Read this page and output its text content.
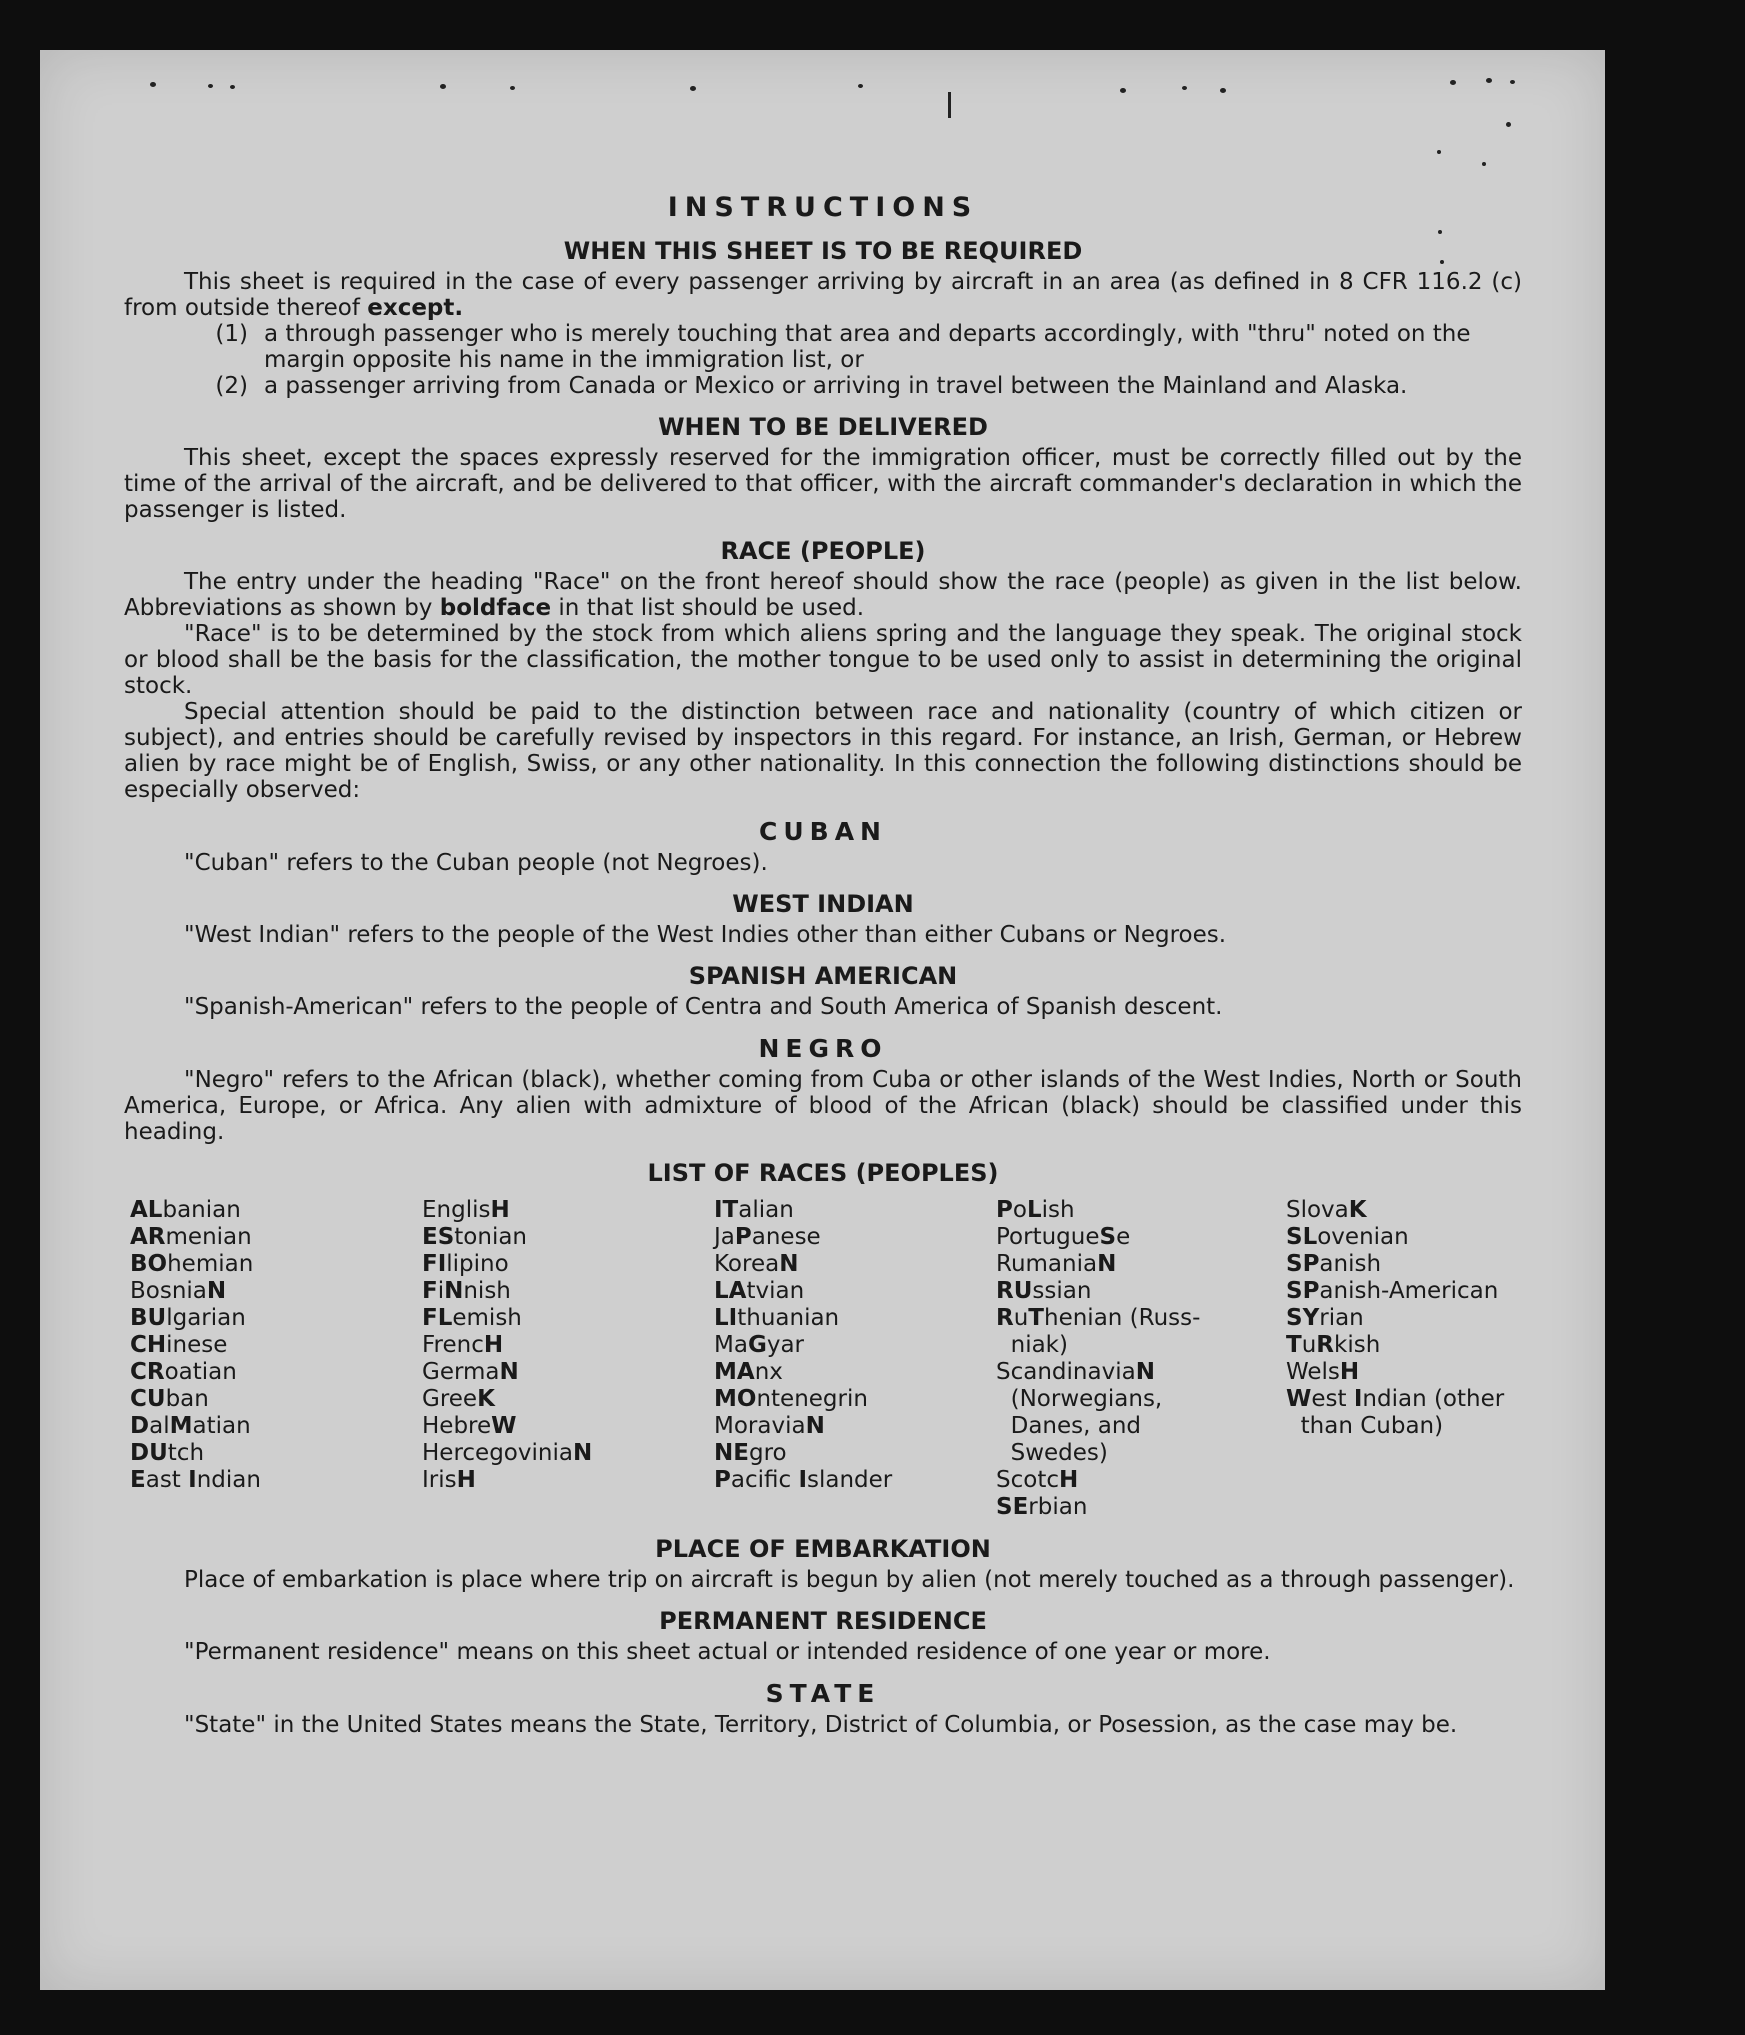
INSTRUCTIONS
WHEN THIS SHEET IS TO BE REQUIRED

This sheet is required in the case of every passenger arriving by aircraft in an area (as defined in 8 CFR 116.2 (c) from outside thereof except.

(1) a through passenger who is merely touching that area and departs accordingly, with "thru" noted on the margin opposite his name in the immigration list, or
(2) a passenger arriving from Canada or Mexico or arriving in travel between the Mainland and Alaska.
WHEN TO BE DELIVERED

This sheet, except the spaces expressly reserved for the immigration officer, must be correctly filled out by the time of the arrival of the aircraft, and be delivered to that officer, with the aircraft commander's declaration in which the passenger is listed.

RACE (PEOPLE)

The entry under the heading "Race" on the front hereof should show the race (people) as given in the list below. Abbreviations as shown by boldface in that list should be used.

"Race" is to be determined by the stock from which aliens spring and the language they speak. The original stock or blood shall be the basis for the classification, the mother tongue to be used only to assist in determining the original stock.

Special attention should be paid to the distinction between race and nationality (country of which citizen or subject), and entries should be carefully revised by inspectors in this regard. For instance, an Irish, German, or Hebrew alien by race might be of English, Swiss, or any other nationality. In this connection the following distinctions should be especially observed:

CUBAN

"Cuban" refers to the Cuban people (not Negroes).

WEST INDIAN

"West Indian" refers to the people of the West Indies other than either Cubans or Negroes.

SPANISH AMERICAN

"Spanish-American" refers to the people of Centra and South America of Spanish descent.

NEGRO

"Negro" refers to the African (black), whether coming from Cuba or other islands of the West Indies, North or South America, Europe, or Africa. Any alien with admixture of blood of the African (black) should be classified under this heading.

LIST OF RACES (PEOPLES)
ALbanian
ARmenian
BOhemian
BosniaN
BUlgarian
CHinese
CRoatian
CUban
DalMatian
DUtch
East Indian
EnglisH
EStonian
FIlipino
FiNnish
FLemish
FrencH
GermaN
GreeK
HebreW
HercegoviniaN
IrisH
ITalian
JaPanese
KoreaN
LAtvian
LIthuanian
MaGyar
MAnx
MOntenegrin
MoraviaN
NEgro
Pacific Islander
PoLish
PortugueSe
RumaniaN
RUssian
RuThenian (Russ-
niak)
ScandinaviaN
(Norwegians,
Danes, and
Swedes)
ScotcH
SErbian
SlovaK
SLovenian
SPanish
SPanish-American
SYrian
TuRkish
WelsH
West Indian (other
than Cuban)
PLACE OF EMBARKATION

Place of embarkation is place where trip on aircraft is begun by alien (not merely touched as a through passenger).

PERMANENT RESIDENCE

"Permanent residence" means on this sheet actual or intended residence of one year or more.

STATE

"State" in the United States means the State, Territory, District of Columbia, or Posession, as the case may be.
